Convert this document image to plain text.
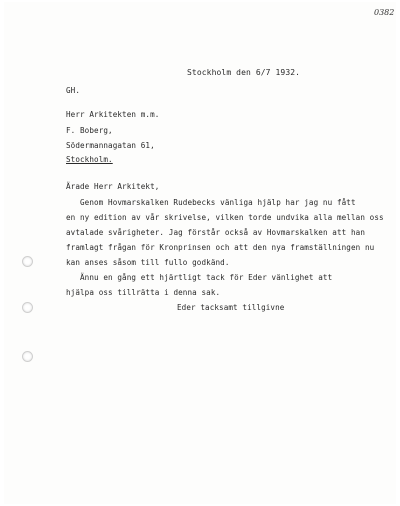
0382
Stockholm den 6/7 1932.
GH.
Herr Arkitekten m.m.
F. Boberg,
Södermannagatan 61,
Stockholm.
Ärade Herr Arkitekt,
Genom Hovmarskalken Rudebecks vänliga hjälp har jag nu fått
en ny edition av vår skrivelse, vilken torde undvika alla mellan oss
avtalade svårigheter. Jag förstår också av Hovmarskalken att han
framlagt frågan för Kronprinsen och att den nya framställningen nu
kan anses såsom till fullo godkänd.
Ännu en gång ett hjärtligt tack för Eder vänlighet att
hjälpa oss tillrätta i denna sak.
Eder tacksamt tillgivne
